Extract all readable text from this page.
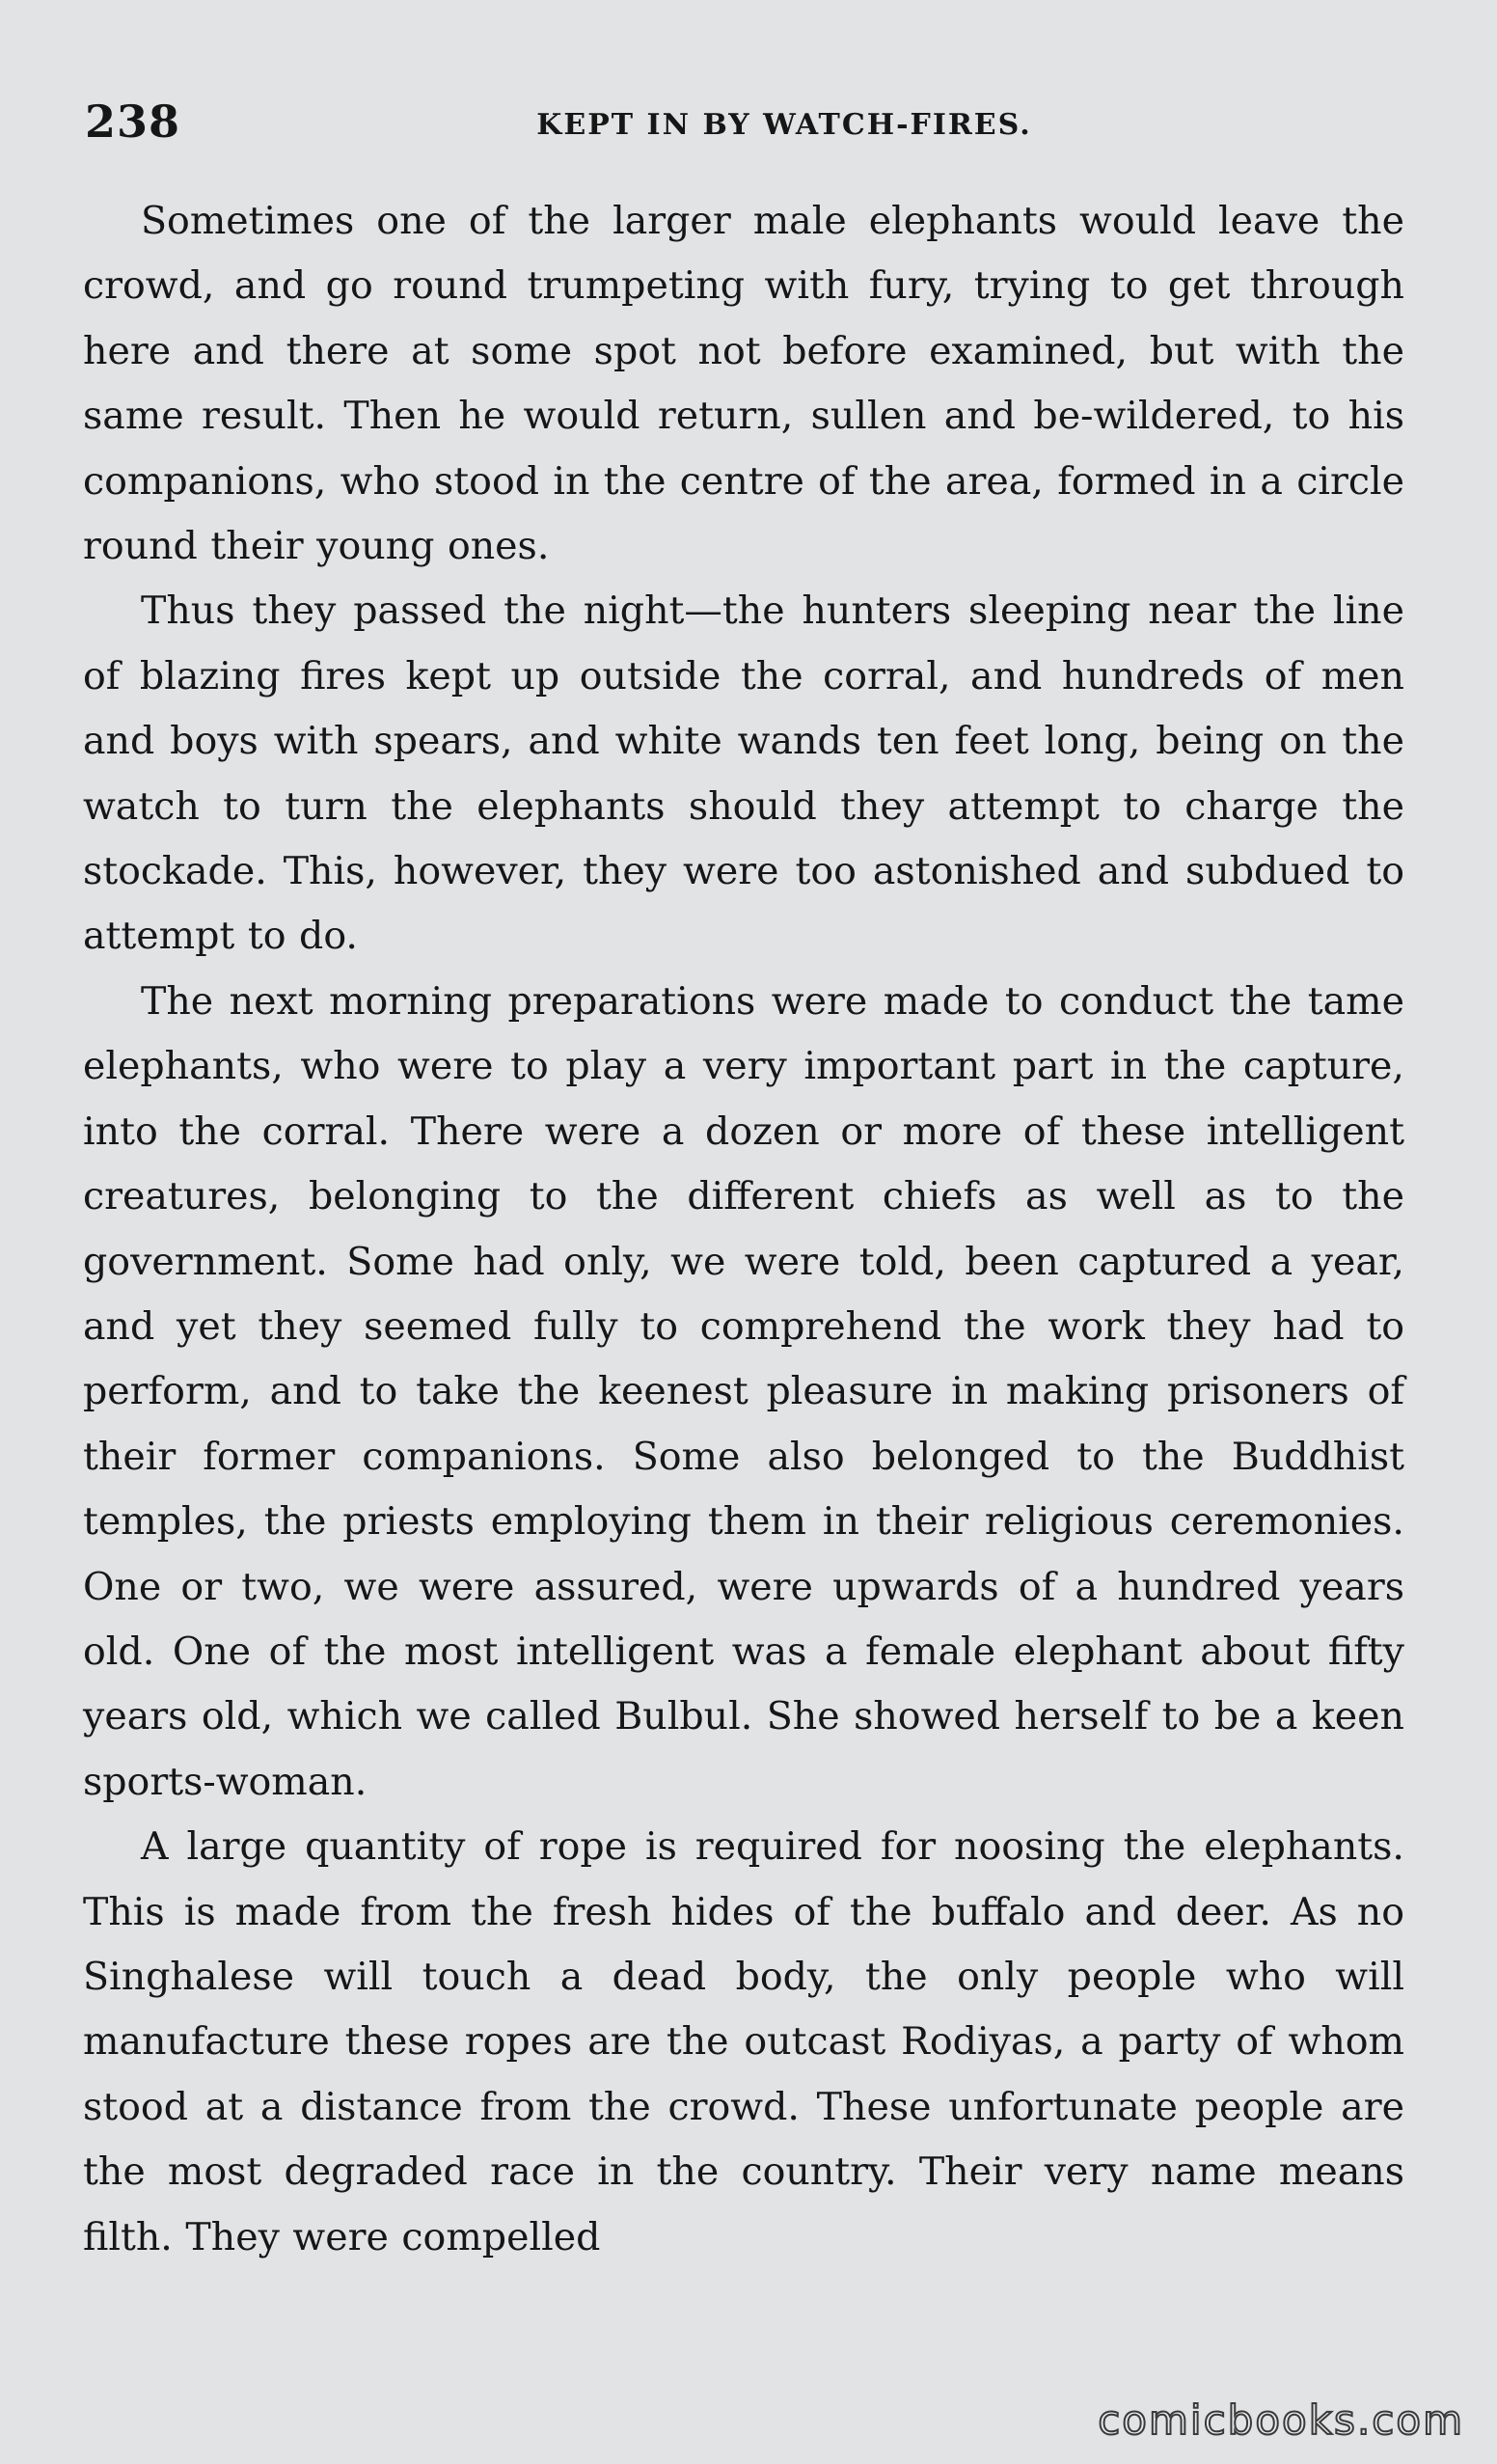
238	KEPT IN BY WATCH-FIRES.

Sometimes one of the larger male elephants would leave the crowd, and go round trumpeting with fury, trying to get through here and there at some spot not before examined, but with the same result. Then he would return, sullen and be-wildered, to his companions, who stood in the centre of the area, formed in a circle round their young ones.

Thus they passed the night—the hunters sleeping near the line of blazing fires kept up outside the corral, and hundreds of men and boys with spears, and white wands ten feet long, being on the watch to turn the elephants should they attempt to charge the stockade. This, however, they were too astonished and subdued to attempt to do.

The next morning preparations were made to conduct the tame elephants, who were to play a very important part in the capture, into the corral. There were a dozen or more of these intelligent creatures, belonging to the different chiefs as well as to the government. Some had only, we were told, been captured a year, and yet they seemed fully to comprehend the work they had to perform, and to take the keenest pleasure in making prisoners of their former companions. Some also belonged to the Buddhist temples, the priests employing them in their religious ceremonies. One or two, we were assured, were upwards of a hundred years old. One of the most intelligent was a female elephant about fifty years old, which we called Bulbul. She showed herself to be a keen sports-woman.

A large quantity of rope is required for noosing the elephants. This is made from the fresh hides of the buffalo and deer. As no Singhalese will touch a dead body, the only people who will manufacture these ropes are the outcast Rodiyas, a party of whom stood at a distance from the crowd. These unfortunate people are the most degraded race in the country. Their very name means filth. They were compelled

comicbooks.com
